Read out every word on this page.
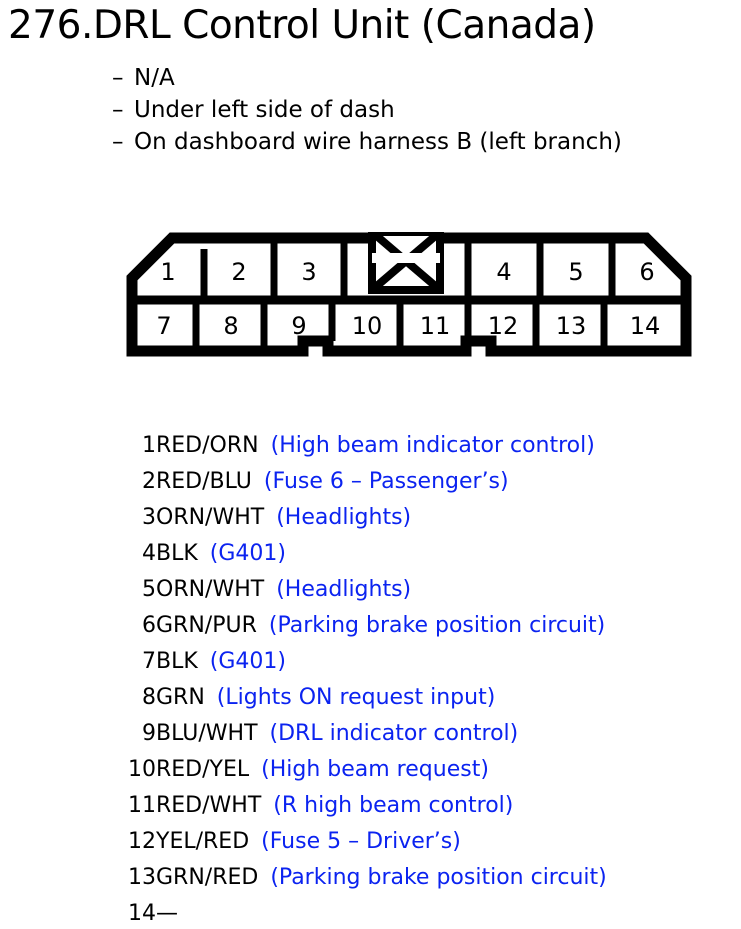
276.DRL Control Unit (Canada)
– N/A
– Under left side of dash
– On dashboard wire harness B (left branch)
1 2 3	4 5 6
7 8 9 10 11 12 13 14
1RED/ORN (High beam indicator control)
2RED/BLU (Fuse 6 – Passenger’s)
3ORN/WHT (Headlights)
4BLK (G401)
5ORN/WHT (Headlights)
6GRN/PUR (Parking brake position circuit)
7BLK (G401)
8GRN (Lights ON request input)
9BLU/WHT (DRL indicator control)
10RED/YEL (High beam request)
11RED/WHT (R high beam control)
12YEL/RED (Fuse 5 – Driver’s)
13GRN/RED (Parking brake position circuit)
14—
